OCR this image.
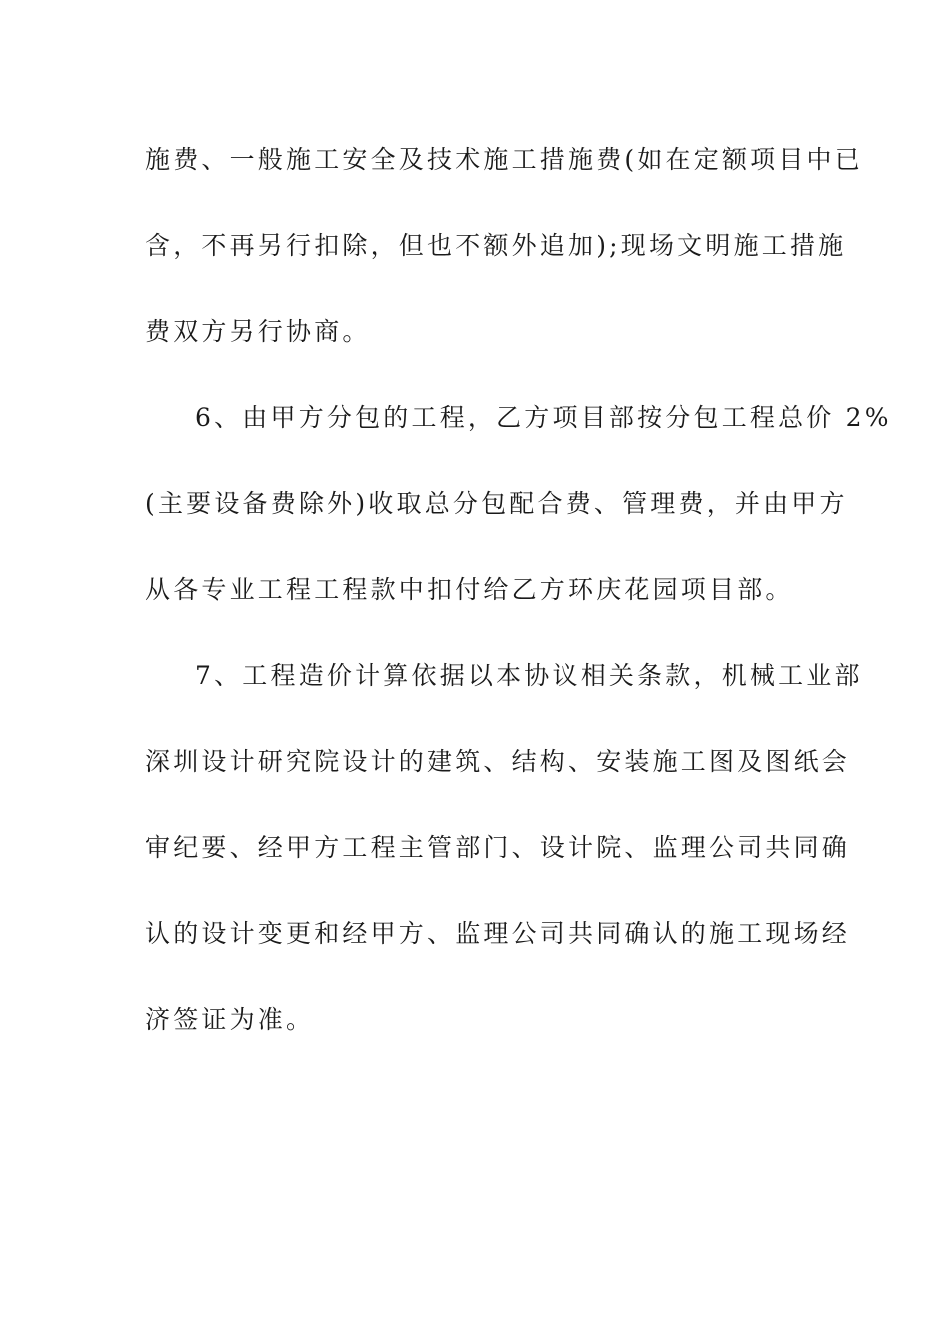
施费、一般施工安全及技术施工措施费(如在定额项目中已
含，不再另行扣除，但也不额外追加);现场文明施工措施
费双方另行协商。
6、由甲方分包的工程，乙方项目部按分包工程总价 2%
(主要设备费除外)收取总分包配合费、管理费，并由甲方
从各专业工程工程款中扣付给乙方环庆花园项目部。
7、工程造价计算依据以本协议相关条款，机械工业部
深圳设计研究院设计的建筑、结构、安装施工图及图纸会
审纪要、经甲方工程主管部门、设计院、监理公司共同确
认的设计变更和经甲方、监理公司共同确认的施工现场经
济签证为准。
